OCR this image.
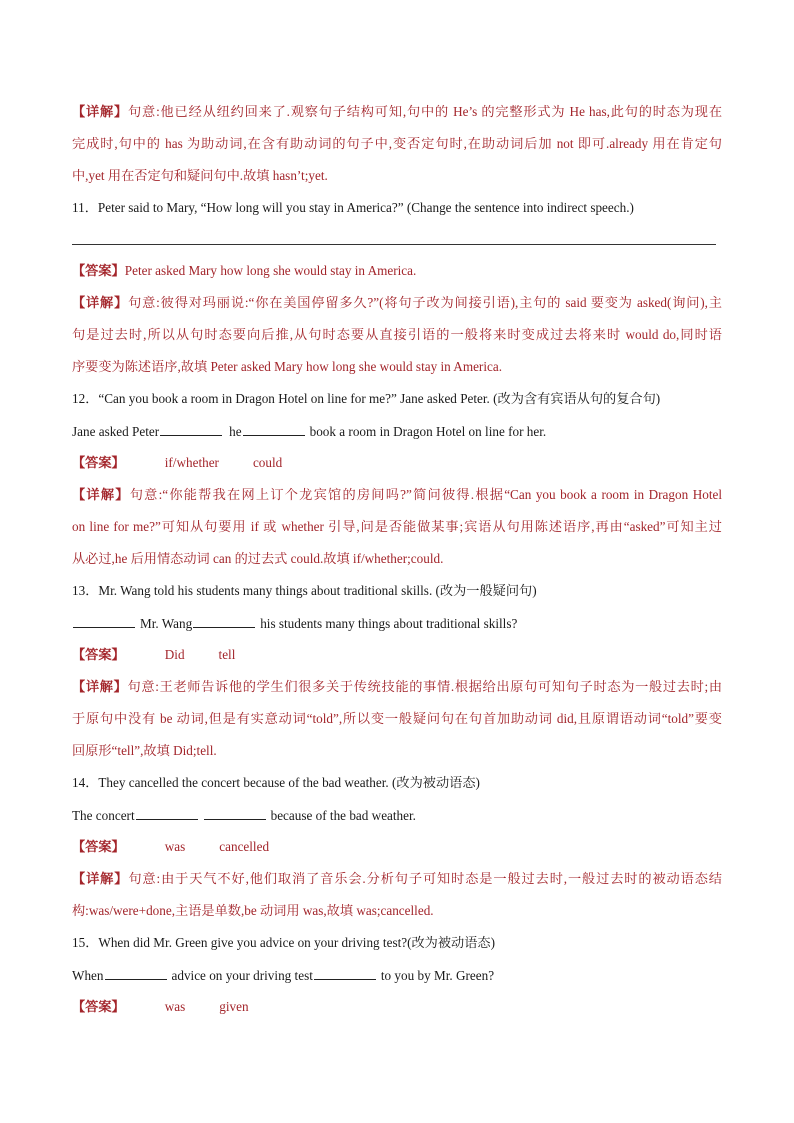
【详解】句意:他已经从纽约回来了.观察句子结构可知,句中的 He’s 的完整形式为 He has,此句的时态为现在
完成时,句中的 has 为助动词,在含有助动词的句子中,变否定句时,在助动词后加 not 即可.already 用在肯定句
中,yet 用在否定句和疑问句中.故填 hasn’t;yet.
11．Peter said to Mary, “How long will you stay in America?” (Change the sentence into indirect speech.)
【答案】Peter asked Mary how long she would stay in America.
【详解】句意:彼得对玛丽说:“你在美国停留多久?”(将句子改为间接引语),主句的 said 要变为 asked(询问),主
句是过去时,所以从句时态要向后推,从句时态要从直接引语的一般将来时变成过去将来时 would do,同时语
序要变为陈述语序,故填 Peter asked Mary how long she would stay in America.
12．“Can you book a room in Dragon Hotel on line for me?” Jane asked Peter. (改为含有宾语从句的复合句)
Jane asked Peter	he	book a room in Dragon Hotel on line for her.
【答案】	if/whether	could
【详解】句意:“你能帮我在网上订个龙宾馆的房间吗?”简问彼得.根据“Can you book a room in Dragon Hotel
on line for me?”可知从句要用 if 或 whether 引导,问是否能做某事;宾语从句用陈述语序,再由“asked”可知主过
从必过,he 后用情态动词 can 的过去式 could.故填 if/whether;could.
13．Mr. Wang told his students many things about traditional skills. (改为一般疑问句)
Mr. Wang	his students many things about traditional skills?
【答案】	Did	tell
【详解】句意:王老师告诉他的学生们很多关于传统技能的事情.根据给出原句可知句子时态为一般过去时;由
于原句中没有 be 动词,但是有实意动词“told”,所以变一般疑问句在句首加助动词 did,且原谓语动词“told”要变
回原形“tell”,故填 Did;tell.
14．They cancelled the concert because of the bad weather. (改为被动语态)
The concert	because of the bad weather.
【答案】	was	cancelled
【详解】句意:由于天气不好,他们取消了音乐会.分析句子可知时态是一般过去时,一般过去时的被动语态结
构:was/were+done,主语是单数,be 动词用 was,故填 was;cancelled.
15．When did Mr. Green give you advice on your driving test?(改为被动语态)
When	advice on your driving test	to you by Mr. Green?
【答案】	was	given
